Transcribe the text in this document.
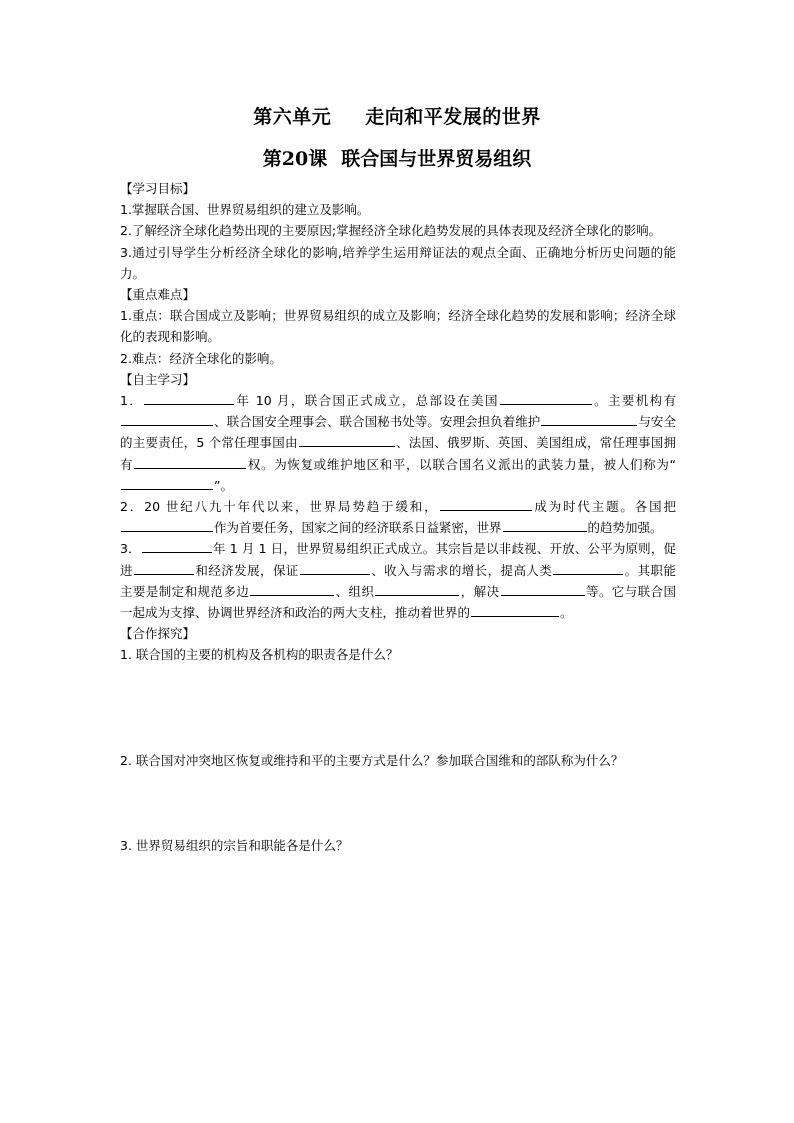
第六单元 走向和平发展的世界
第20课 联合国与世界贸易组织

【学习目标】

1.掌握联合国、世界贸易组织的建立及影响。

2.了解经济全球化趋势出现的主要原因;掌握经济全球化趋势发展的具体表现及经济全球化的影响。

3.通过引导学生分析经济全球化的影响,培养学生运用辩证法的观点全面、正确地分析历史问题的能力。

【重点难点】

1.重点：联合国成立及影响；世界贸易组织的成立及影响；经济全球化趋势的发展和影响；经济全球化的表现和影响。

2.难点：经济全球化的影响。

【自主学习】

1．	年 10 月，联合国正式成立，总部设在美国	。主要机构有、联合国安全理事会、联合国秘书处等。安理会担负着维护	与安全的主要责任，5 个常任理事国由	、法国、俄罗斯、英国、美国组成，常任理事国拥有	权。为恢复或维护地区和平，以联合国名义派出的武装力量，被人们称为“”。

2．20 世纪八九十年代以来，世界局势趋于缓和，	成为时代主题。各国把作为首要任务，国家之间的经济联系日益紧密，世界	的趋势加强。

3．	年 1 月 1 日，世界贸易组织正式成立。其宗旨是以非歧视、开放、公平为原则，促进	和经济发展，保证	、收入与需求的增长，提高人类	。其职能主要是制定和规范多边	、组织	，解决	等。它与联合国一起成为支撑、协调世界经济和政治的两大支柱，推动着世界的	。

【合作探究】

1. 联合国的主要的机构及各机构的职责各是什么？

2. 联合国对冲突地区恢复或维持和平的主要方式是什么？参加联合国维和的部队称为什么？

3. 世界贸易组织的宗旨和职能各是什么？
